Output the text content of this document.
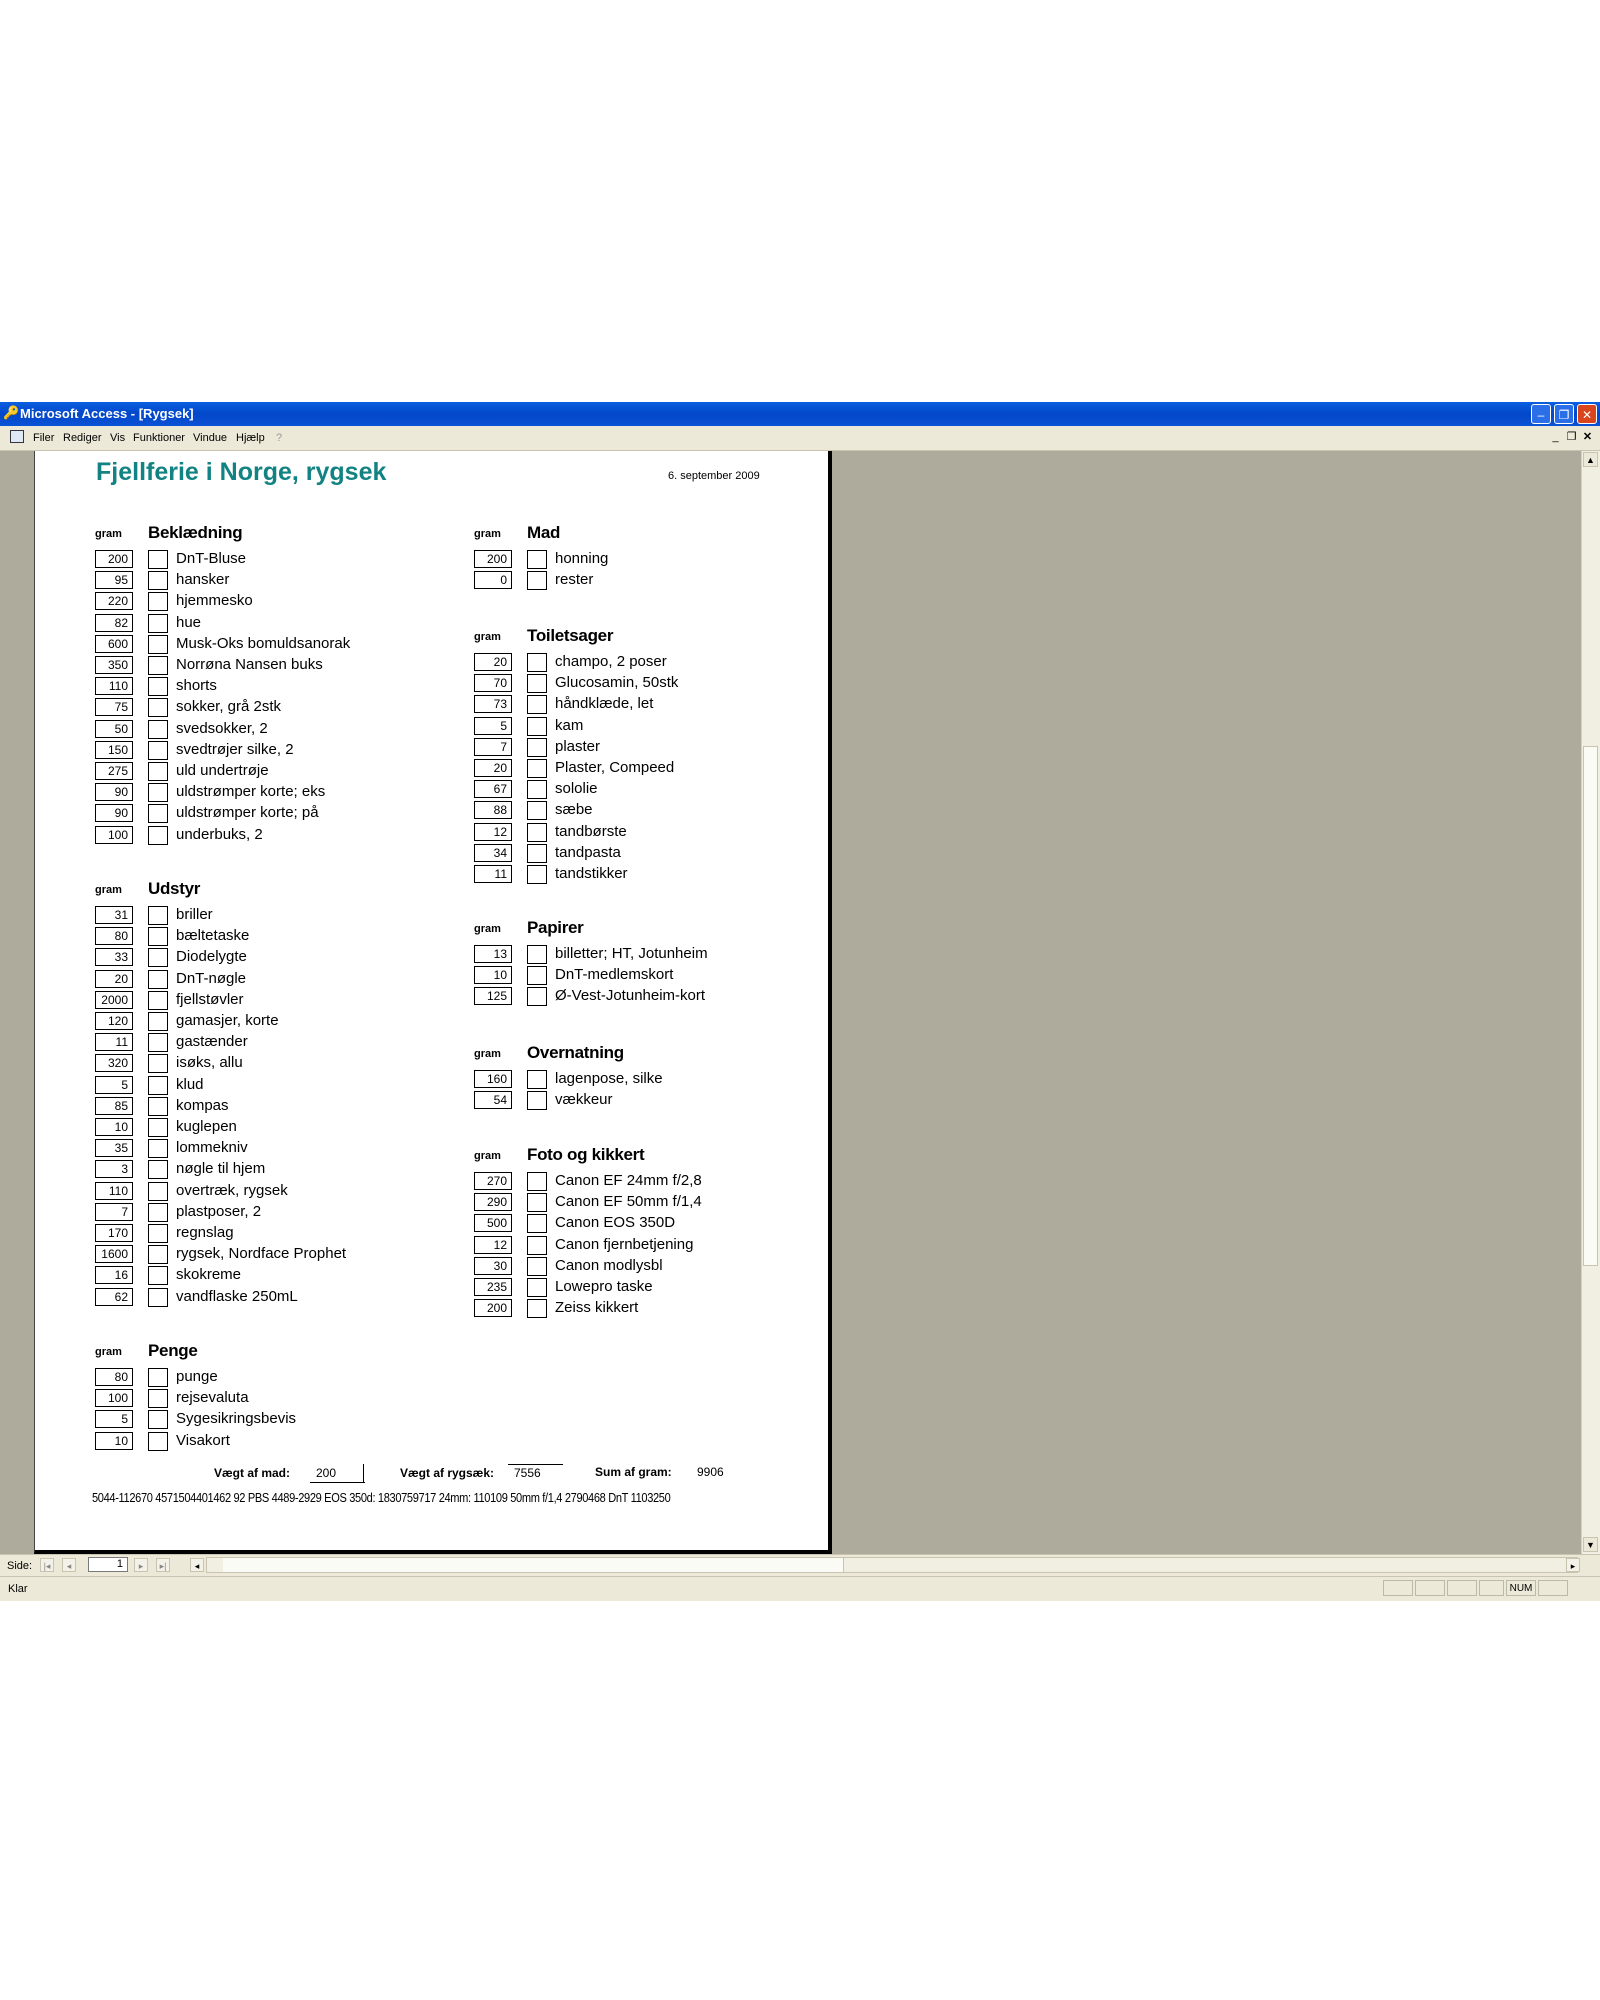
🔑 Microsoft Access - [Rygsek]	–	❐	✕
Filer Rediger Vis Funktioner Vindue Hjælp ?	_ ❐ ✕
▲
▼
Fjellferie i Norge, rygsek	6. september 2009
gram Beklædning
200	DnT-Bluse
95	hansker
220	hjemmesko
82	hue
600	Musk-Oks bomuldsanorak
350	Norrøna Nansen buks
110	shorts
75	sokker, grå 2stk
50	svedsokker, 2
150	svedtrøjer silke, 2
275	uld undertrøje
90	uldstrømper korte; eks
90	uldstrømper korte; på
100	underbuks, 2
gram Udstyr
31	briller
80	bæltetaske
33	Diodelygte
20	DnT-nøgle
2000	fjellstøvler
120	gamasjer, korte
11	gastænder
320	isøks, allu
5	klud
85	kompas
10	kuglepen
35	lommekniv
3	nøgle til hjem
110	overtræk, rygsek
7	plastposer, 2
170	regnslag
1600	rygsek, Nordface Prophet
16	skokreme
62	vandflaske 250mL
gram Penge
80	punge
100	rejsevaluta
5	Sygesikringsbevis
10	Visakort
gram Mad
200	honning
0	rester
gram Toiletsager
20	champo, 2 poser
70	Glucosamin, 50stk
73	håndklæde, let
5	kam
7	plaster
20	Plaster, Compeed
67	sololie
88	sæbe
12	tandbørste
34	tandpasta
11	tandstikker
gram Papirer
13	billetter; HT, Jotunheim
10	DnT-medlemskort
125	Ø-Vest-Jotunheim-kort
gram Overnatning
160	lagenpose, silke
54	vækkeur
gram Foto og kikkert
270	Canon EF 24mm f/2,8
290	Canon EF 50mm f/1,4
500	Canon EOS 350D
12	Canon fjernbetjening
30	Canon modlysbl
235	Lowepro taske
200	Zeiss kikkert
Vægt af mad: 200	Vægt af rygsæk: 7556	Sum af gram: 9906
5044-112670 4571504401462 92 PBS 4489-2929 EOS 350d: 1830759717 24mm: 110109 50mm f/1,4 2790468 DnT 1103250
Side:	|◂	◂	1	▸	▸|	◂	▸
Klar	NUM
